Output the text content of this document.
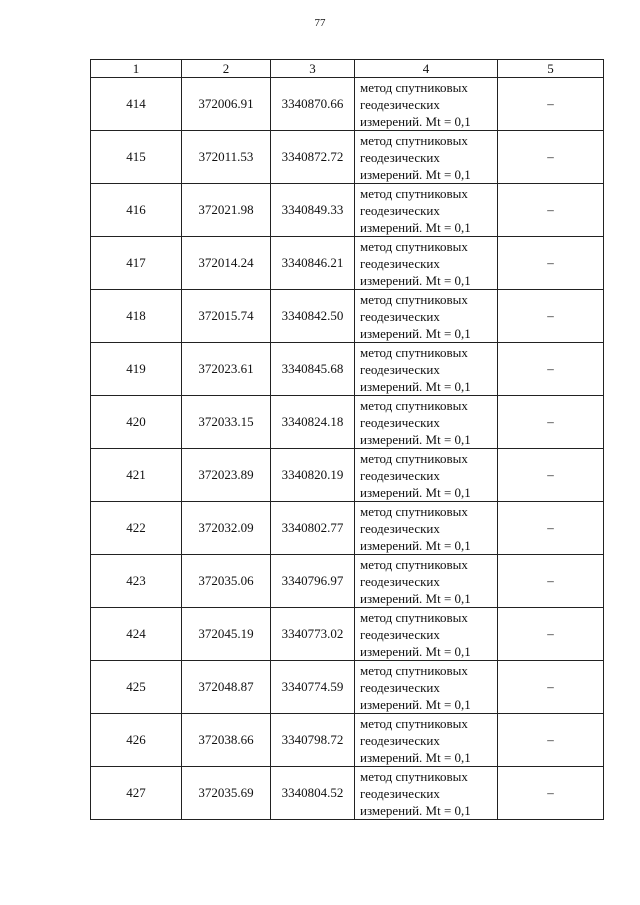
77
1	2	3	4	5
414	372006.91	3340870.66	метод спутниковых
геодезических
измерений. Mt = 0,1	–
415	372011.53	3340872.72	метод спутниковых
геодезических
измерений. Mt = 0,1	–
416	372021.98	3340849.33	метод спутниковых
геодезических
измерений. Mt = 0,1	–
417	372014.24	3340846.21	метод спутниковых
геодезических
измерений. Mt = 0,1	–
418	372015.74	3340842.50	метод спутниковых
геодезических
измерений. Mt = 0,1	–
419	372023.61	3340845.68	метод спутниковых
геодезических
измерений. Mt = 0,1	–
420	372033.15	3340824.18	метод спутниковых
геодезических
измерений. Mt = 0,1	–
421	372023.89	3340820.19	метод спутниковых
геодезических
измерений. Mt = 0,1	–
422	372032.09	3340802.77	метод спутниковых
геодезических
измерений. Mt = 0,1	–
423	372035.06	3340796.97	метод спутниковых
геодезических
измерений. Mt = 0,1	–
424	372045.19	3340773.02	метод спутниковых
геодезических
измерений. Mt = 0,1	–
425	372048.87	3340774.59	метод спутниковых
геодезических
измерений. Mt = 0,1	–
426	372038.66	3340798.72	метод спутниковых
геодезических
измерений. Mt = 0,1	–
427	372035.69	3340804.52	метод спутниковых
геодезических
измерений. Mt = 0,1	–
